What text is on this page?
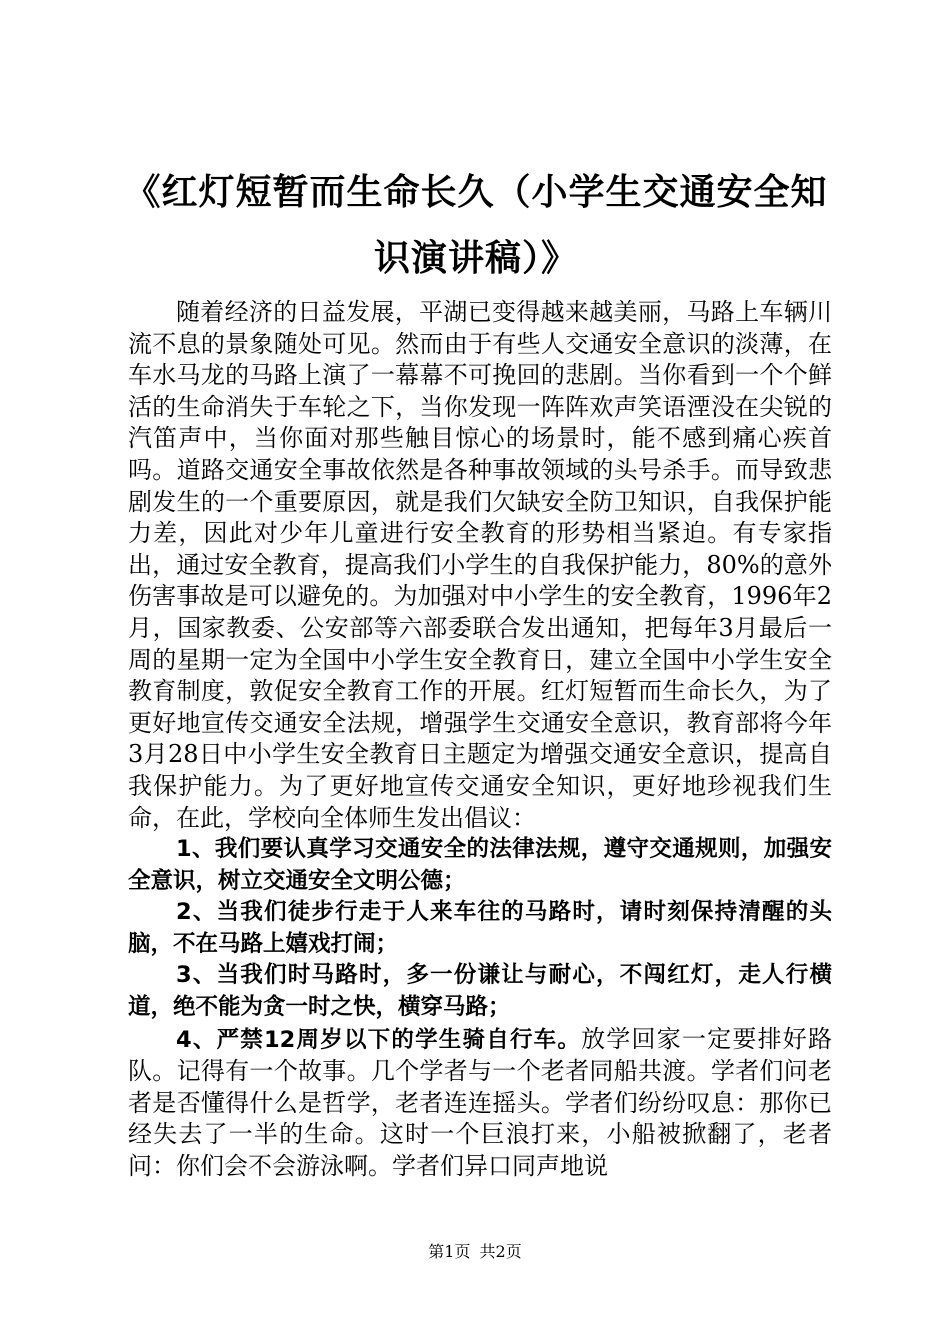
《红灯短暂而生命长久（小学生交通安全知识演讲稿）》

随着经济的日益发展，平湖已变得越来越美丽，马路上车辆川流不息的景象随处可见。然而由于有些人交通安全意识的淡薄，在车水马龙的马路上演了一幕幕不可挽回的悲剧。当你看到一个个鲜活的生命消失于车轮之下，当你发现一阵阵欢声笑语湮没在尖锐的汽笛声中，当你面对那些触目惊心的场景时，能不感到痛心疾首吗。道路交通安全事故依然是各种事故领域的头号杀手。而导致悲剧发生的一个重要原因，就是我们欠缺安全防卫知识，自我保护能力差，因此对少年儿童进行安全教育的形势相当紧迫。有专家指出，通过安全教育，提高我们小学生的自我保护能力，80%的意外伤害事故是可以避免的。为加强对中小学生的安全教育，1996年2月，国家教委、公安部等六部委联合发出通知，把每年3月最后一周的星期一定为全国中小学生安全教育日，建立全国中小学生安全教育制度，敦促安全教育工作的开展。红灯短暂而生命长久，为了更好地宣传交通安全法规，增强学生交通安全意识，教育部将今年3月28日中小学生安全教育日主题定为增强交通安全意识，提高自我保护能力。为了更好地宣传交通安全知识，更好地珍视我们生命，在此，学校向全体师生发出倡议：

1、我们要认真学习交通安全的法律法规，遵守交通规则，加强安全意识，树立交通安全文明公德；

2、当我们徒步行走于人来车往的马路时，请时刻保持清醒的头脑，不在马路上嬉戏打闹；

3、当我们时马路时，多一份谦让与耐心，不闯红灯，走人行横道，绝不能为贪一时之快，横穿马路；

4、严禁12周岁以下的学生骑自行车。放学回家一定要排好路队。记得有一个故事。几个学者与一个老者同船共渡。学者们问老者是否懂得什么是哲学，老者连连摇头。学者们纷纷叹息：那你已经失去了一半的生命。这时一个巨浪打来，小船被掀翻了，老者问：你们会不会游泳啊。学者们异口同声地说

第1页 共2页
